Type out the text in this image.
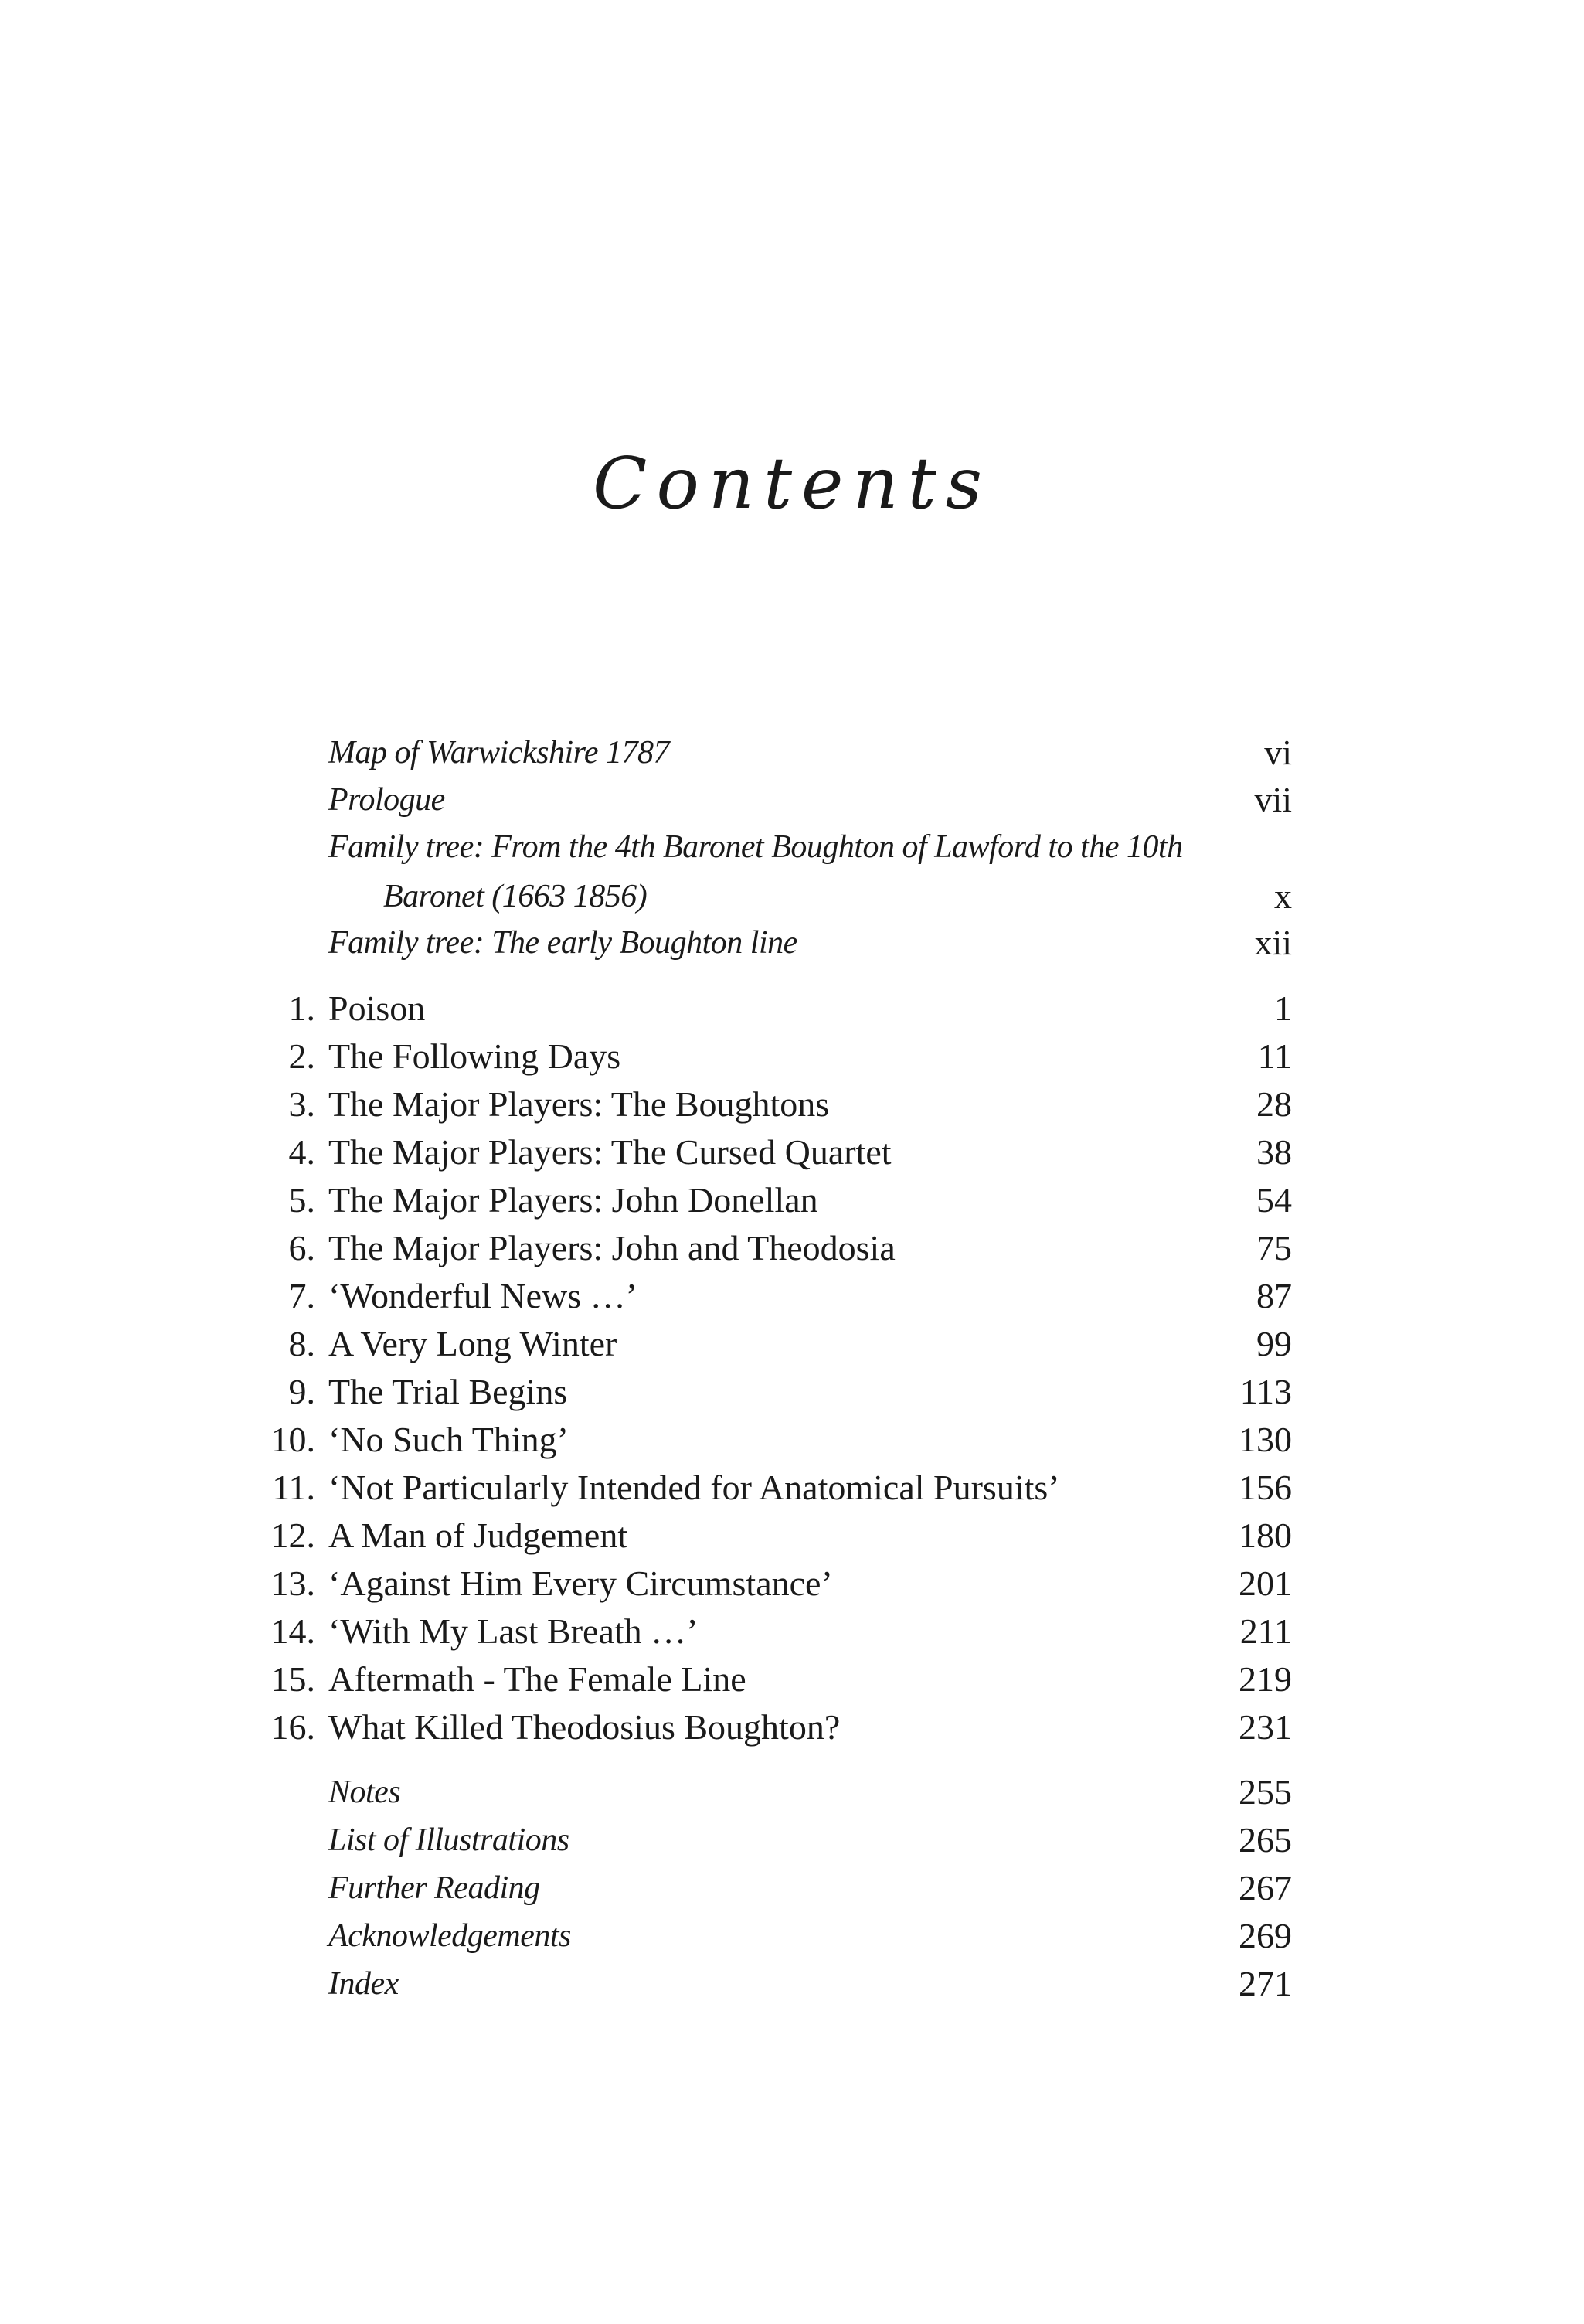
Contents
Map of Warwickshire 1787	vi
Prologue	vii
Family tree: From the 4th Baronet Boughton of Lawford to the 10th
Baronet (1663 1856)	x
Family tree: The early Boughton line	xii
1. Poison	1
2. The Following Days	11
3. The Major Players: The Boughtons	28
4. The Major Players: The Cursed Quartet	38
5. The Major Players: John Donellan	54
6. The Major Players: John and Theodosia	75
7. ‘Wonderful News …’	87
8. A Very Long Winter	99
9. The Trial Begins	113
10. ‘No Such Thing’	130
11. ‘Not Particularly Intended for Anatomical Pursuits’	156
12. A Man of Judgement	180
13. ‘Against Him Every Circumstance’	201
14. ‘With My Last Breath …’	211
15. Aftermath - The Female Line	219
16. What Killed Theodosius Boughton?	231
Notes	255
List of Illustrations	265
Further Reading	267
Acknowledgements	269
Index	271
